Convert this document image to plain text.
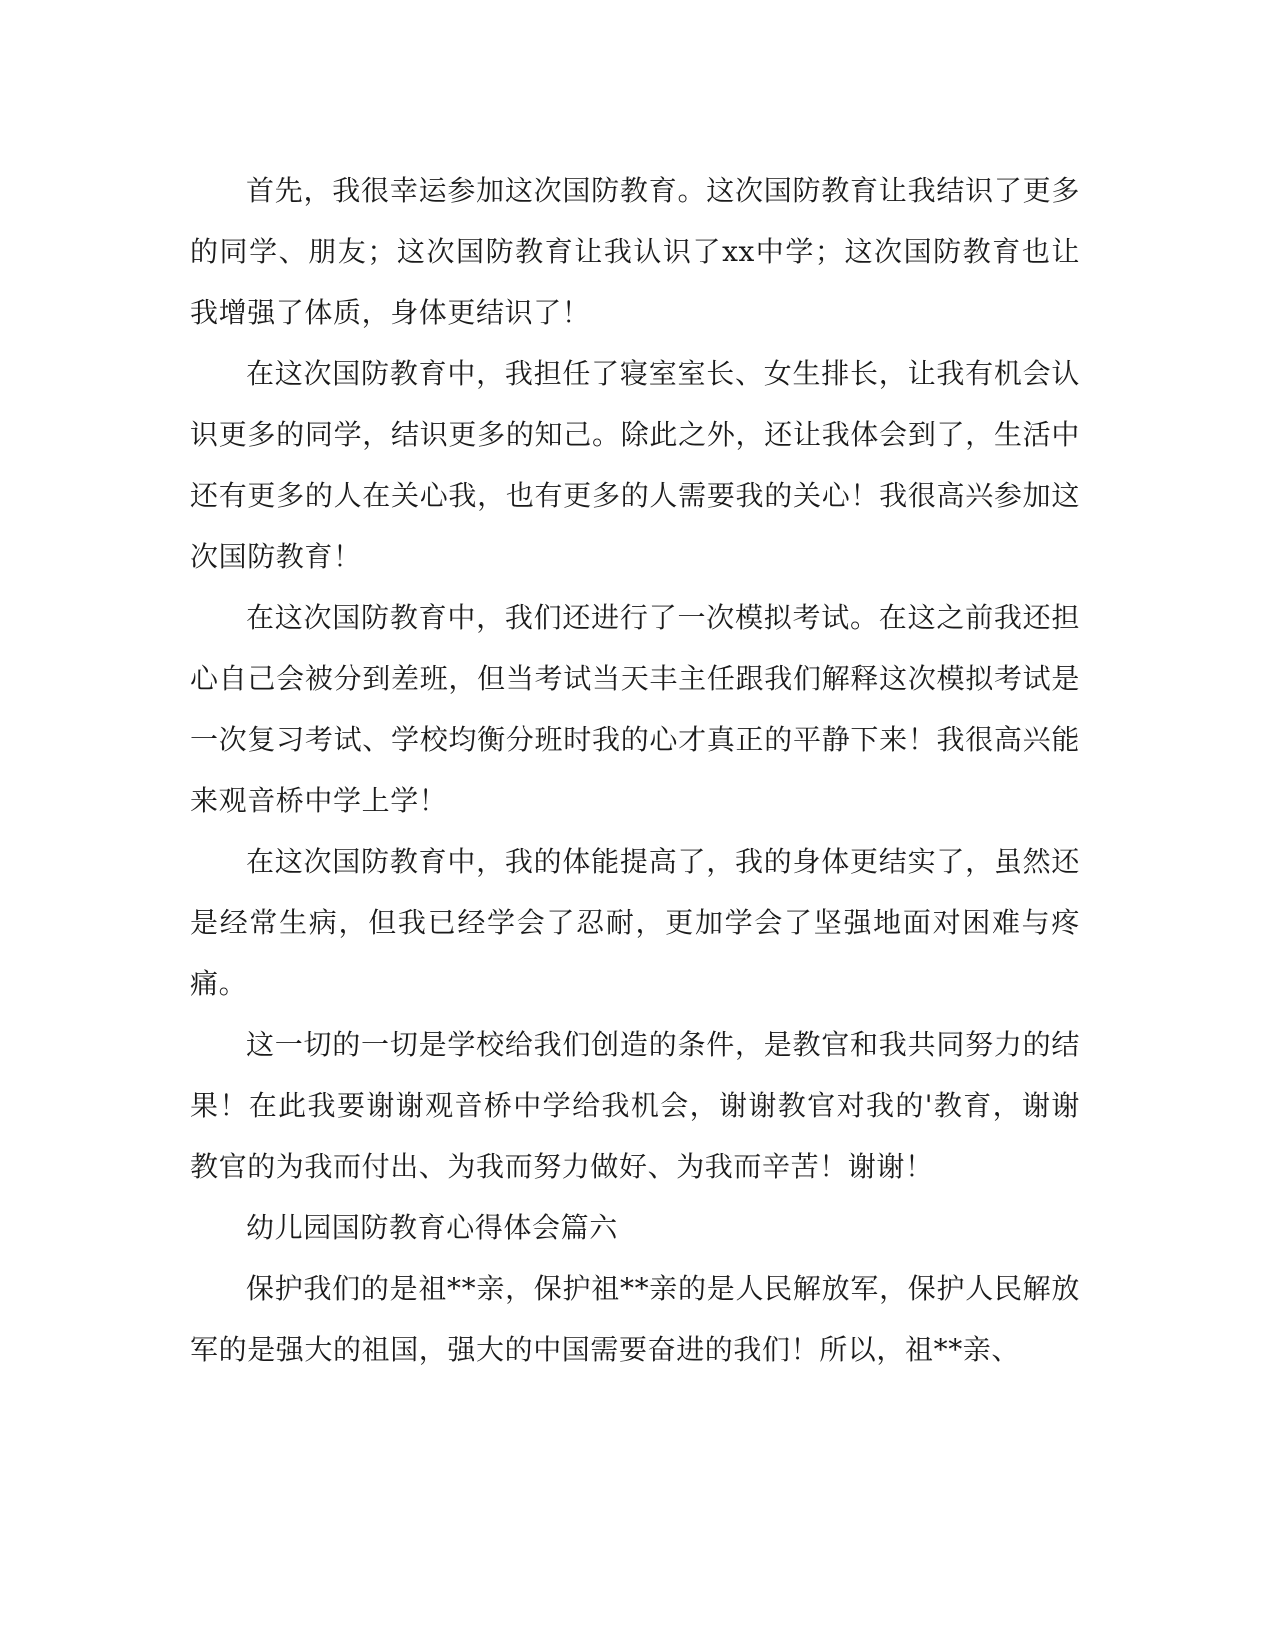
首先，我很幸运参加这次国防教育。这次国防教育让我结识了更多的同学、朋友；这次国防教育让我认识了xx中学；这次国防教育也让我增强了体质，身体更结识了！

在这次国防教育中，我担任了寝室室长、女生排长，让我有机会认识更多的同学，结识更多的知己。除此之外，还让我体会到了，生活中还有更多的人在关心我，也有更多的人需要我的关心！我很高兴参加这次国防教育！

在这次国防教育中，我们还进行了一次模拟考试。在这之前我还担心自己会被分到差班，但当考试当天丰主任跟我们解释这次模拟考试是一次复习考试、学校均衡分班时我的心才真正的平静下来！我很高兴能来观音桥中学上学！

在这次国防教育中，我的体能提高了，我的身体更结实了，虽然还是经常生病，但我已经学会了忍耐，更加学会了坚强地面对困难与疼痛。

这一切的一切是学校给我们创造的条件，是教官和我共同努力的结果！在此我要谢谢观音桥中学给我机会，谢谢教官对我的'教育，谢谢教官的为我而付出、为我而努力做好、为我而辛苦！谢谢！

幼儿园国防教育心得体会篇六

保护我们的是祖**亲，保护祖**亲的是人民解放军，保护人民解放军的是强大的祖国，强大的中国需要奋进的我们！所以，祖**亲、
